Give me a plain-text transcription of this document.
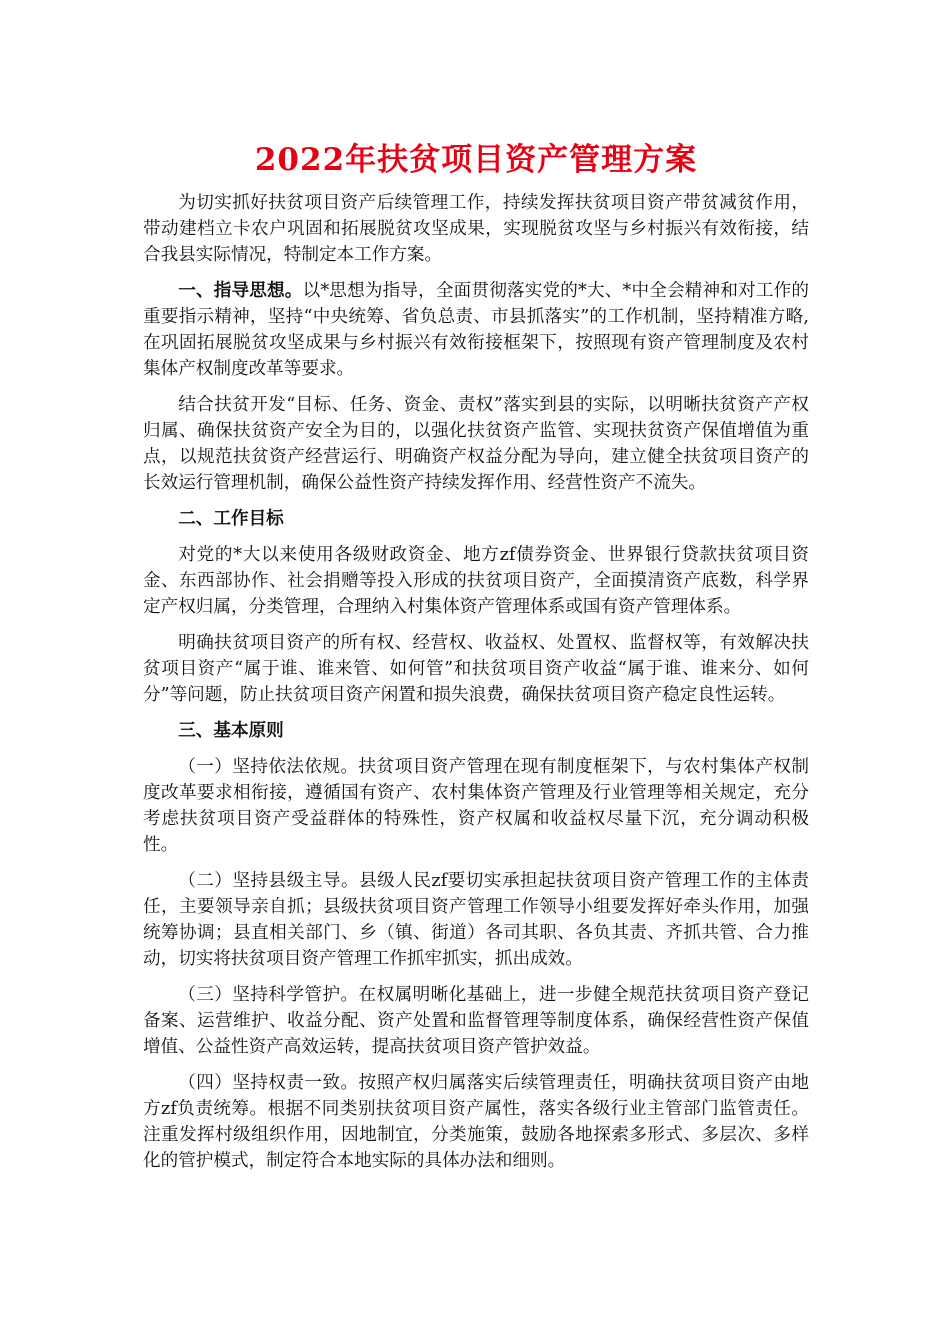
2022年扶贫项目资产管理方案

为切实抓好扶贫项目资产后续管理工作，持续发挥扶贫项目资产带贫减贫作用，带动建档立卡农户巩固和拓展脱贫攻坚成果，实现脱贫攻坚与乡村振兴有效衔接，结合我县实际情况，特制定本工作方案。

一、指导思想。以*思想为指导，全面贯彻落实党的*大、*中全会精神和对工作的重要指示精神，坚持“中央统筹、省负总责、市县抓落实”的工作机制，坚持精准方略,在巩固拓展脱贫攻坚成果与乡村振兴有效衔接框架下，按照现有资产管理制度及农村集体产权制度改革等要求。

结合扶贫开发“目标、任务、资金、责权”落实到县的实际，以明晰扶贫资产产权归属、确保扶贫资产安全为目的，以强化扶贫资产监管、实现扶贫资产保值增值为重点，以规范扶贫资产经营运行、明确资产权益分配为导向，建立健全扶贫项目资产的长效运行管理机制，确保公益性资产持续发挥作用、经营性资产不流失。

二、工作目标

对党的*大以来使用各级财政资金、地方zf债券资金、世界银行贷款扶贫项目资金、东西部协作、社会捐赠等投入形成的扶贫项目资产，全面摸清资产底数，科学界定产权归属，分类管理，合理纳入村集体资产管理体系或国有资产管理体系。

明确扶贫项目资产的所有权、经营权、收益权、处置权、监督权等，有效解决扶贫项目资产“属于谁、谁来管、如何管”和扶贫项目资产收益“属于谁、谁来分、如何分”等问题，防止扶贫项目资产闲置和损失浪费，确保扶贫项目资产稳定良性运转。

三、基本原则

（一）坚持依法依规。扶贫项目资产管理在现有制度框架下，与农村集体产权制度改革要求相衔接，遵循国有资产、农村集体资产管理及行业管理等相关规定，充分考虑扶贫项目资产受益群体的特殊性，资产权属和收益权尽量下沉，充分调动积极性。

（二）坚持县级主导。县级人民zf要切实承担起扶贫项目资产管理工作的主体责任，主要领导亲自抓；县级扶贫项目资产管理工作领导小组要发挥好牵头作用，加强统筹协调；县直相关部门、乡（镇、街道）各司其职、各负其责、齐抓共管、合力推动，切实将扶贫项目资产管理工作抓牢抓实，抓出成效。

（三）坚持科学管护。在权属明晰化基础上，进一步健全规范扶贫项目资产登记备案、运营维护、收益分配、资产处置和监督管理等制度体系，确保经营性资产保值增值、公益性资产高效运转，提高扶贫项目资产管护效益。

（四）坚持权责一致。按照产权归属落实后续管理责任，明确扶贫项目资产由地方zf负责统筹。根据不同类别扶贫项目资产属性，落实各级行业主管部门监管责任。注重发挥村级组织作用，因地制宜，分类施策，鼓励各地探索多形式、多层次、多样化的管护模式，制定符合本地实际的具体办法和细则。
